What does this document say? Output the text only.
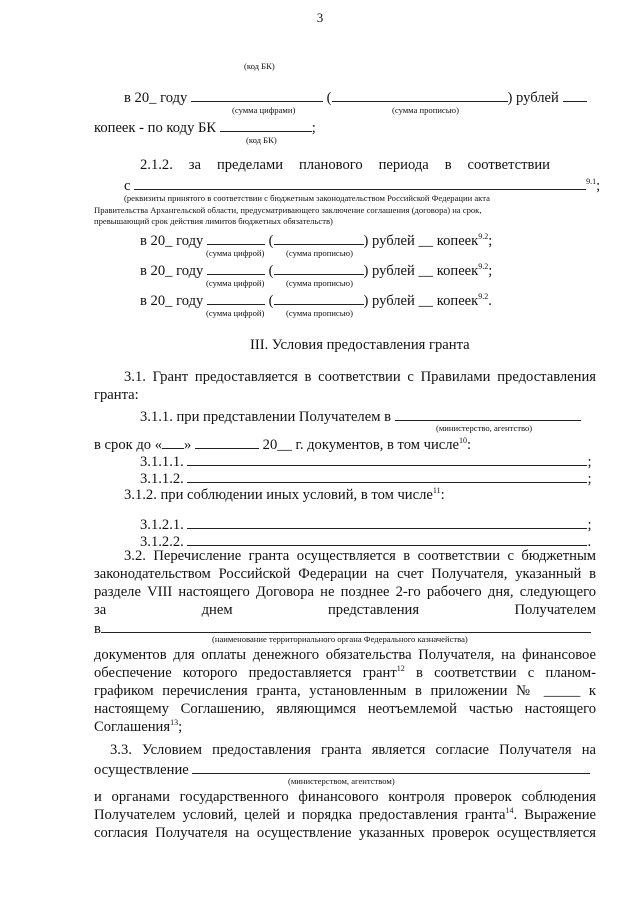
3
(код БК)
в 20_ году	(	) рублей
(сумма цифрами)	(сумма прописью)
копеек - по коду БК	;
(код БК)
2.1.2. за пределами планового периода в соответствии
с	$^{9.1}$;
(реквизиты принятого в соответствии с бюджетным законодательством Российской Федерации акта
Правительства Архангельской области, предусматривающего заключение соглашения (договора) на срок,
превышающий срок действия лимитов бюджетных обязательств)
в 20_ году	(	) рублей __ копеек$^{9.2}$;
(сумма цифрой)	(сумма прописью)
в 20_ году	(	) рублей __ копеек$^{9.2}$;
(сумма цифрой)	(сумма прописью)
в 20_ году	(	) рублей __ копеек$^{9.2}$.
(сумма цифрой)	(сумма прописью)
III. Условия предоставления гранта
3.1. Грант предоставляется в соответствии с Правилами предоставления
гранта:
3.1.1. при представлении Получателем в
(министерство, агентство)
в срок до « »	20__ г. документов, в том числе$^{10}$:
3.1.1.1.	;
3.1.1.2.	;
3.1.2. при соблюдении иных условий, в том числе$^{11}$:
3.1.2.1.	;
3.1.2.2.	.
3.2. Перечисление гранта осуществляется в соответствии с бюджетным
законодательством Российской Федерации на счет Получателя, указанный в
разделе VIII настоящего Договора не позднее 2-го рабочего дня, следующего
за днем представления Получателем
в
(наименование территориального органа Федерального казначейства)
документов для оплаты денежного обязательства Получателя, на финансовое
обеспечение которого предоставляется грант$^{12}$ в соответствии с планом-
графиком перечисления гранта, установленным в приложении № _____ к
настоящему Соглашению, являющимся неотъемлемой частью настоящего
Соглашения$^{13}$;
3.3. Условием предоставления гранта является согласие Получателя на
осуществление
(министерством, агентством)
и органами государственного финансового контроля проверок соблюдения
Получателем условий, целей и порядка предоставления гранта$^{14}$. Выражение
согласия Получателя на осуществление указанных проверок осуществляется
